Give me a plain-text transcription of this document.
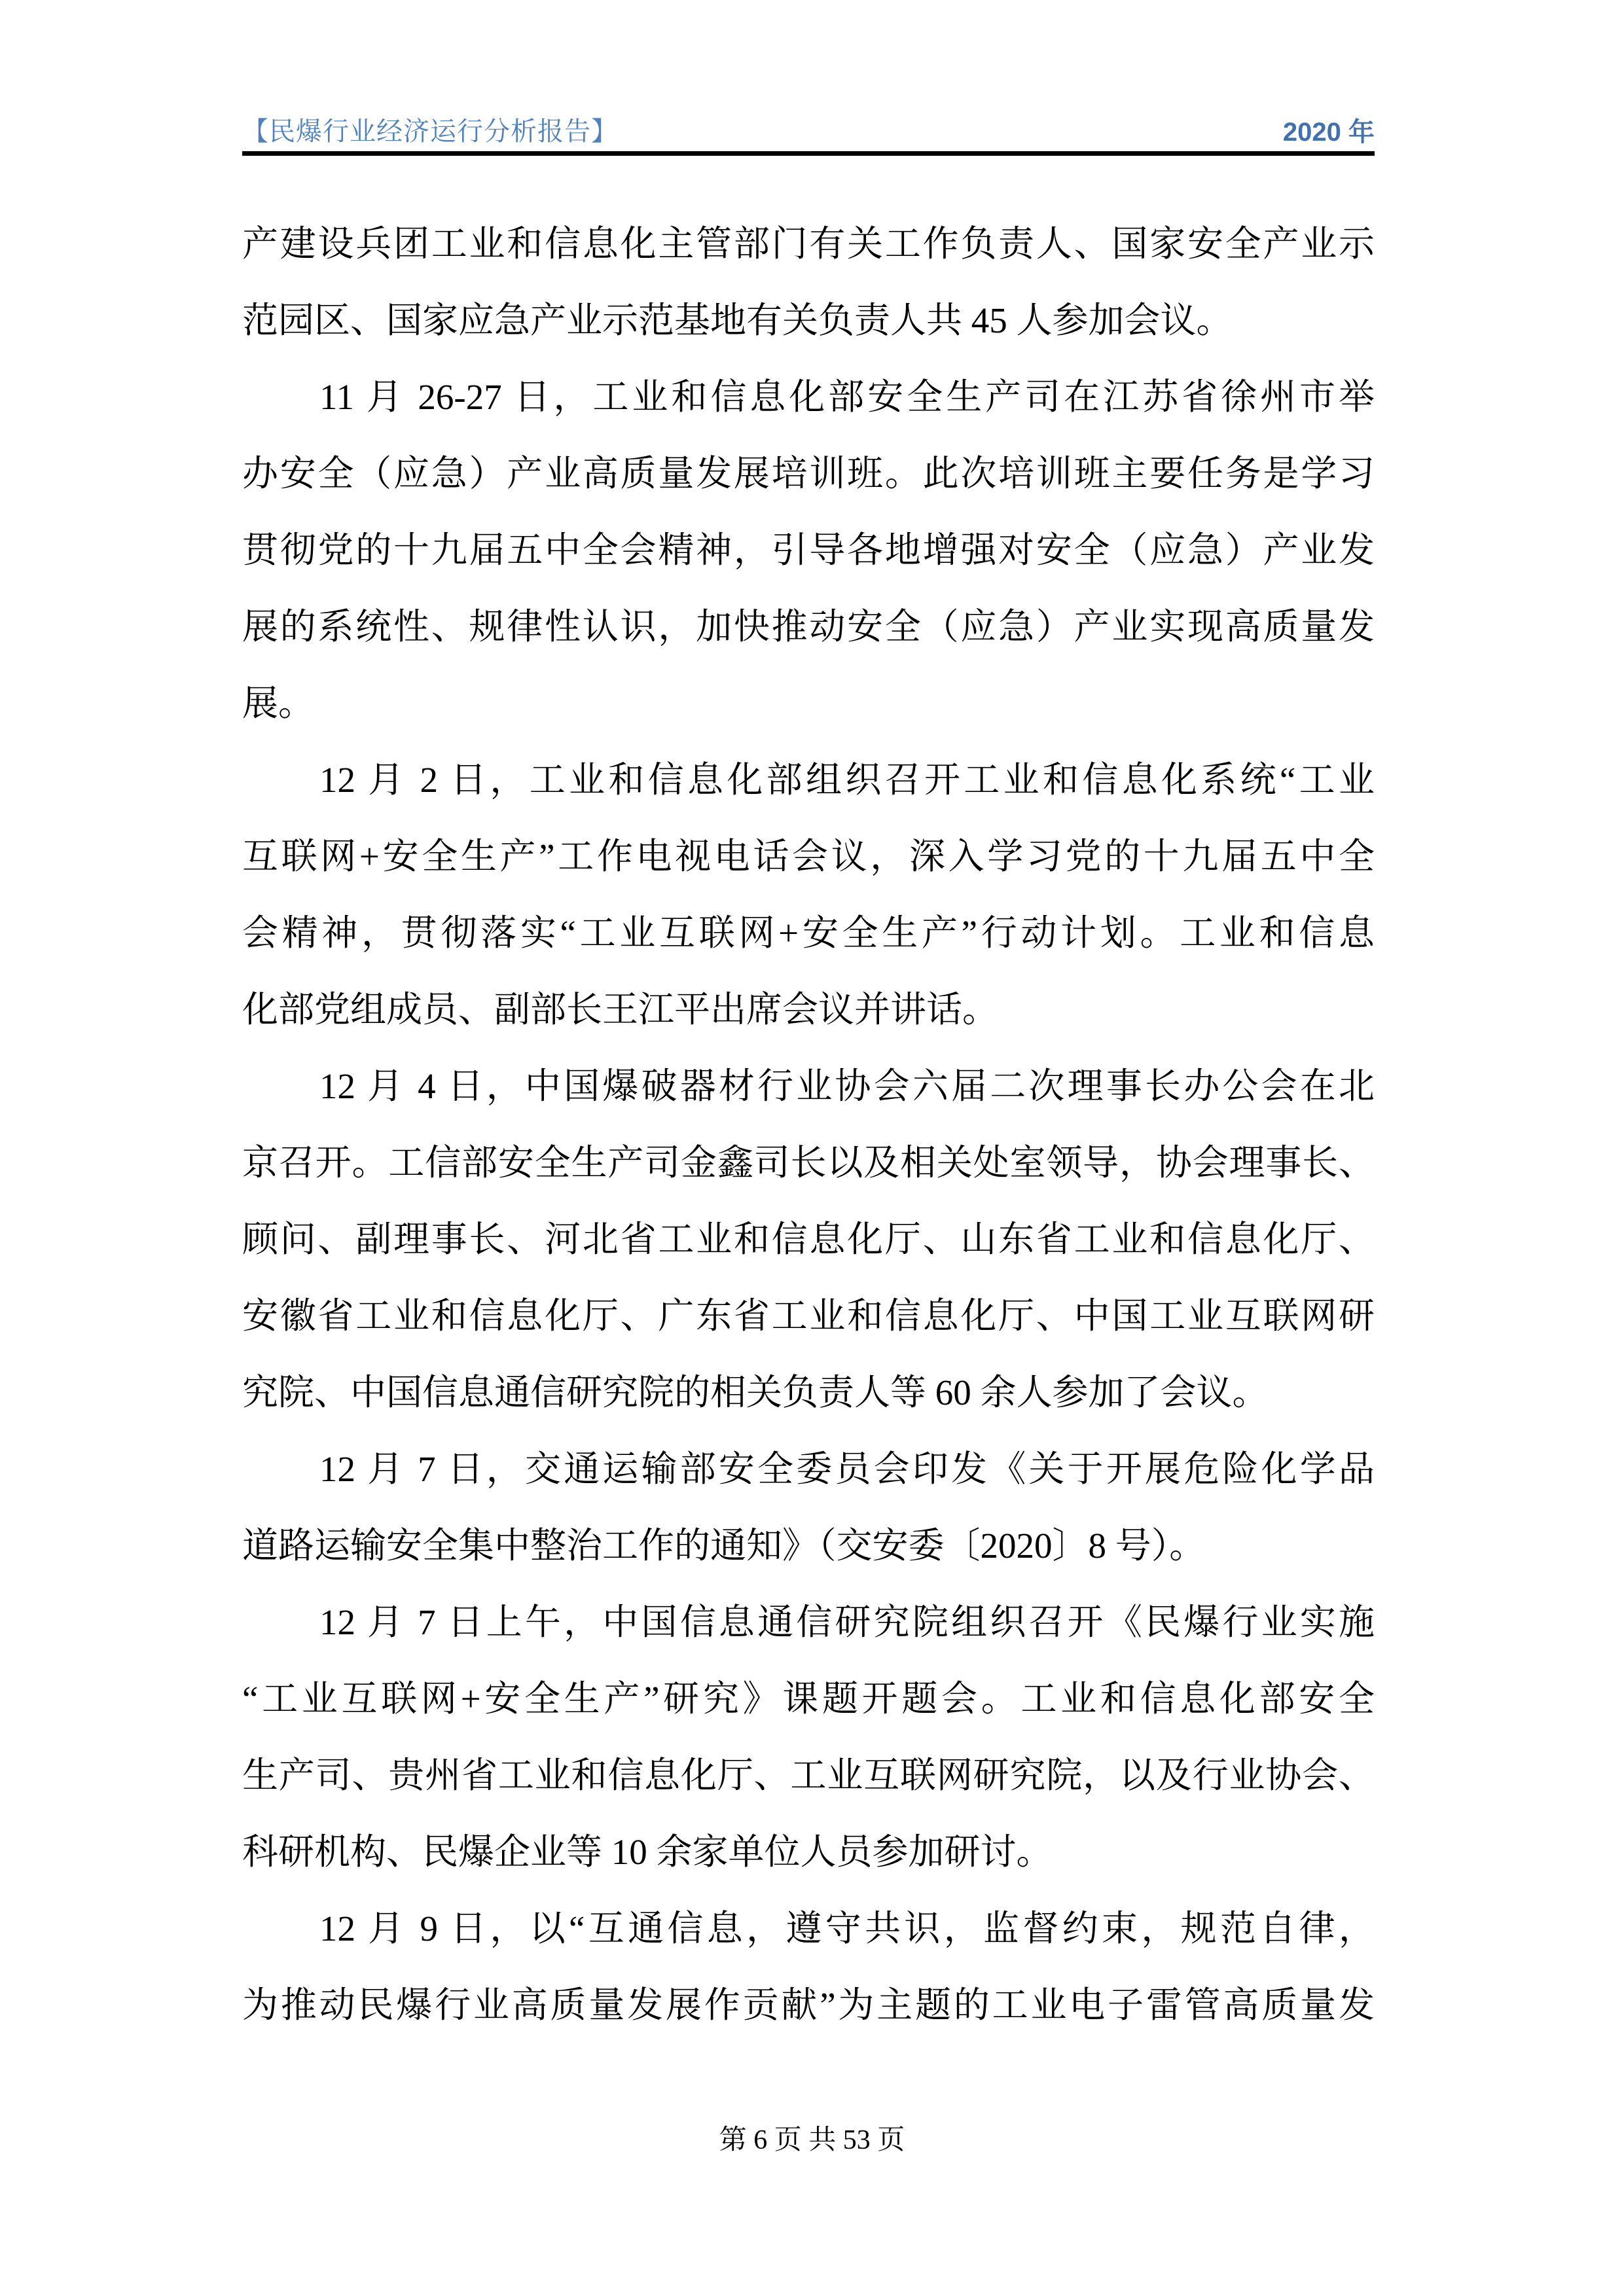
【民爆行业经济运行分析报告】	2020 年
产建设兵团工业和信息化主管部门有关工作负责人、国家安全产业示
范园区、国家应急产业示范基地有关负责人共 45 人参加会议。
11 月 26-27 日，工业和信息化部安全生产司在江苏省徐州市举
办安全（应急）产业高质量发展培训班。此次培训班主要任务是学习
贯彻党的十九届五中全会精神，引导各地增强对安全（应急）产业发
展的系统性、规律性认识，加快推动安全（应急）产业实现高质量发
展。
12 月 2 日，工业和信息化部组织召开工业和信息化系统“工业
互联网+安全生产”工作电视电话会议，深入学习党的十九届五中全
会精神，贯彻落实“工业互联网+安全生产”行动计划。工业和信息
化部党组成员、副部长王江平出席会议并讲话。
12 月 4 日，中国爆破器材行业协会六届二次理事长办公会在北
京召开。工信部安全生产司金鑫司长以及相关处室领导，协会理事长、
顾问、副理事长、河北省工业和信息化厅、山东省工业和信息化厅、
安徽省工业和信息化厅、广东省工业和信息化厅、中国工业互联网研
究院、中国信息通信研究院的相关负责人等 60 余人参加了会议。
12 月 7 日，交通运输部安全委员会印发《关于开展危险化学品
道路运输安全集中整治工作的通知》（交安委〔2020〕8 号）。
12 月 7 日上午，中国信息通信研究院组织召开《民爆行业实施
“工业互联网+安全生产”研究》课题开题会。工业和信息化部安全
生产司、贵州省工业和信息化厅、工业互联网研究院，以及行业协会、
科研机构、民爆企业等 10 余家单位人员参加研讨。
12 月 9 日，以“互通信息，遵守共识，监督约束，规范自律，
为推动民爆行业高质量发展作贡献”为主题的工业电子雷管高质量发
第 6 页 共 53 页
